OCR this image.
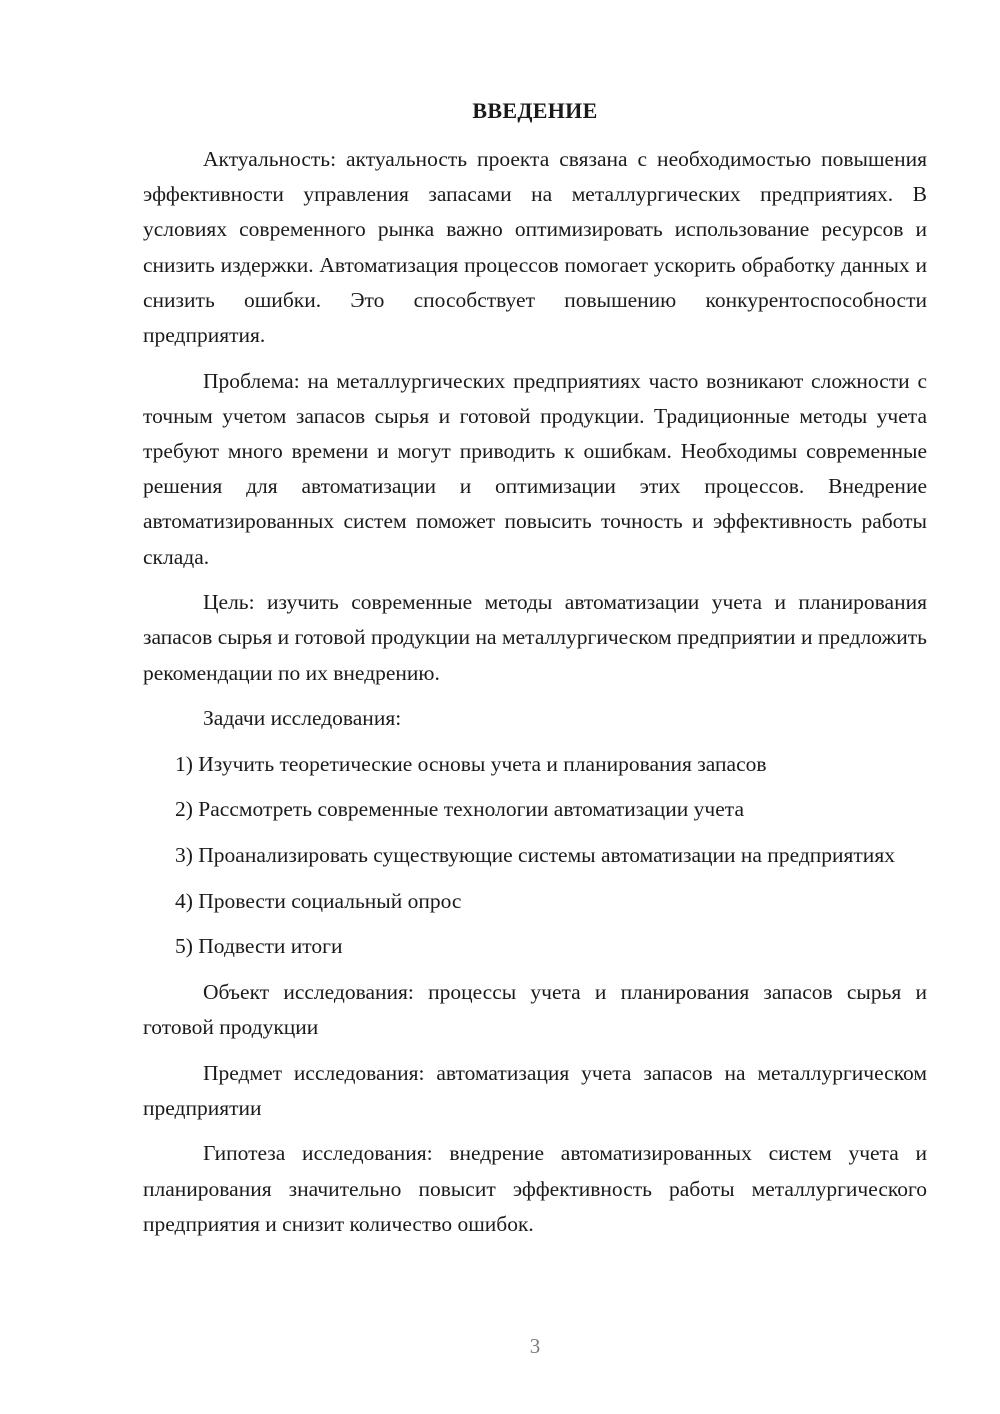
ВВЕДЕНИЕ

Актуальность: актуальность проекта связана с необходимостью повышения эффективности управления запасами на металлургических предприятиях. В условиях современного рынка важно оптимизировать использование ресурсов и снизить издержки. Автоматизация процессов помогает ускорить обработку данных и снизить ошибки. Это способствует повышению конкурентоспособности предприятия.

Проблема: на металлургических предприятиях часто возникают сложности с точным учетом запасов сырья и готовой продукции. Традиционные методы учета требуют много времени и могут приводить к ошибкам. Необходимы современные решения для автоматизации и оптимизации этих процессов. Внедрение автоматизированных систем поможет повысить точность и эффективность работы склада.

Цель: изучить современные методы автоматизации учета и планирования запасов сырья и готовой продукции на металлургическом предприятии и предложить рекомендации по их внедрению.

Задачи исследования:

1) Изучить теоретические основы учета и планирования запасов

2) Рассмотреть современные технологии автоматизации учета

3) Проанализировать существующие системы автоматизации на предприятиях

4) Провести социальный опрос

5) Подвести итоги

Объект исследования: процессы учета и планирования запасов сырья и готовой продукции

Предмет исследования: автоматизация учета запасов на металлургическом предприятии

Гипотеза исследования: внедрение автоматизированных систем учета и планирования значительно повысит эффективность работы металлургического предприятия и снизит количество ошибок.

3
